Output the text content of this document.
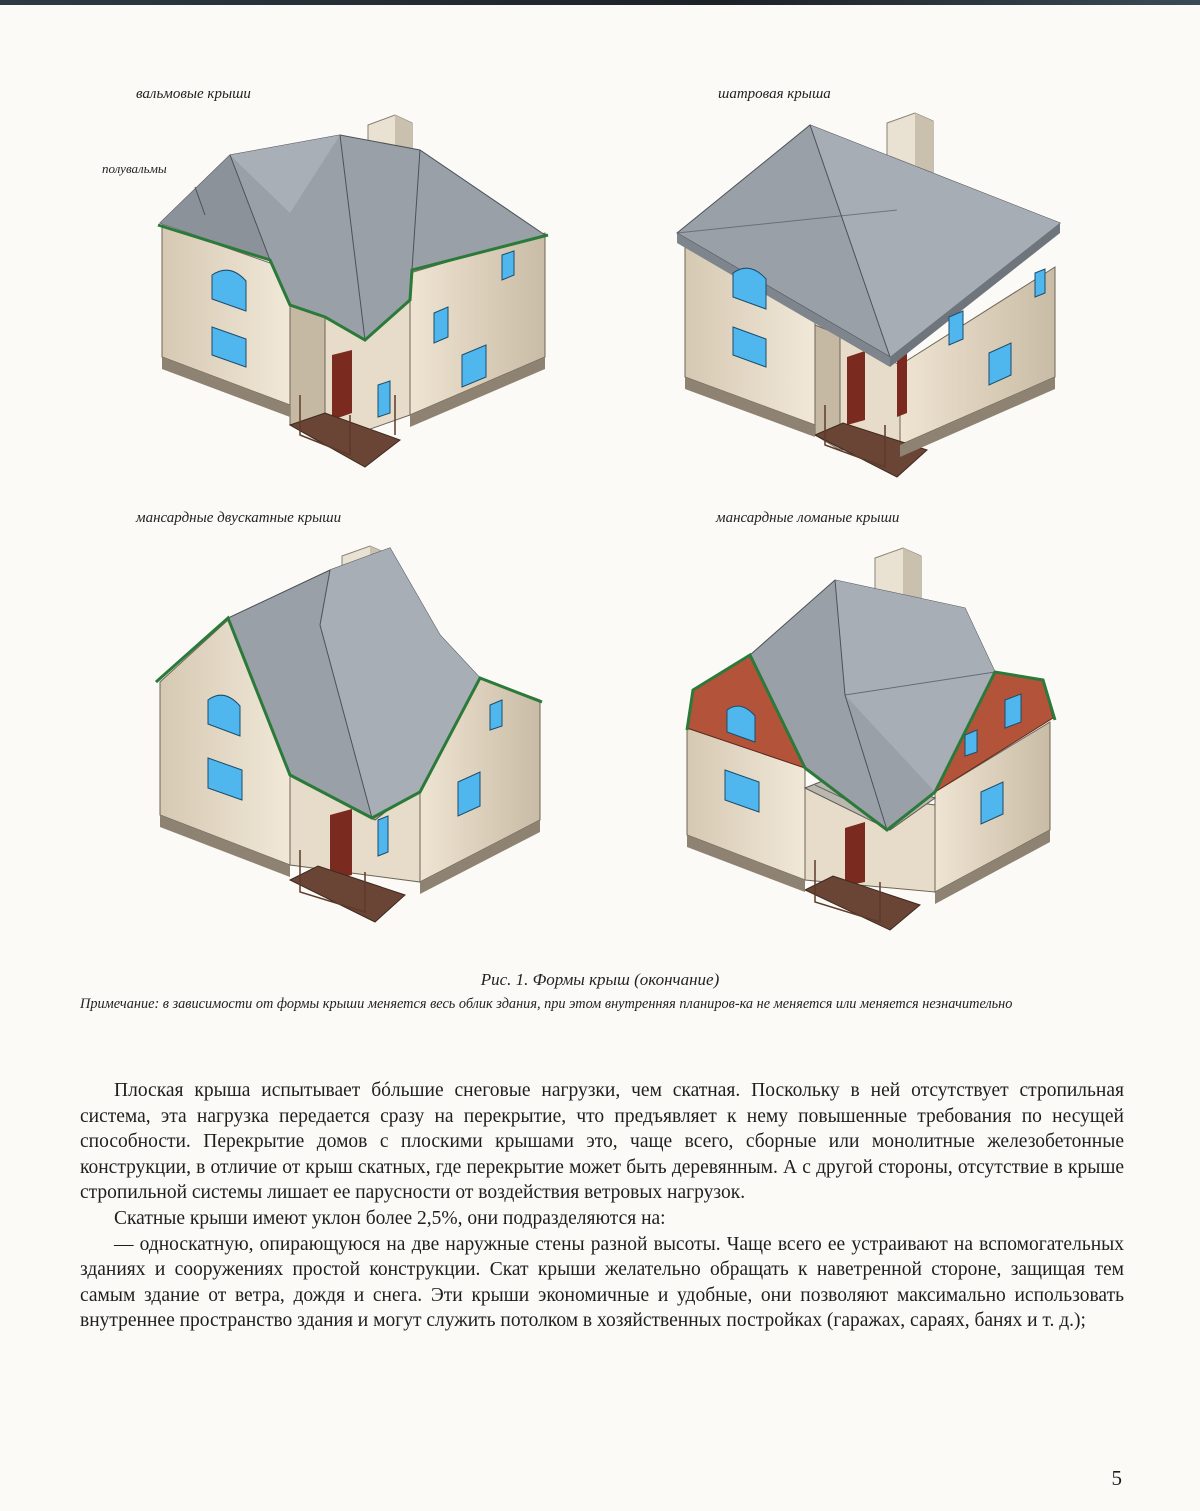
вальмовые крыши
полувальмы
шатровая крыша
мансардные двускатные крыши	мансардные ломаные крыши
Рис. 1. Формы крыш (окончание)
Примечание: в зависимости от формы крыши меняется весь облик здания, при этом внутренняя планиров-ка не меняется или меняется незначительно

Плоская крыша испытывает бóльшие снеговые нагрузки, чем скатная. Поскольку в ней отсутствует стропильная система, эта нагрузка передается сразу на перекрытие, что предъявляет к нему повышенные требования по несущей способности. Перекрытие домов с плоскими крышами это, чаще всего, сборные или монолитные железобетонные конструкции, в отличие от крыш скатных, где перекрытие может быть деревянным. А с другой стороны, отсутствие в крыше стропильной системы лишает ее парусности от воздействия ветровых нагрузок.

Скатные крыши имеют уклон более 2,5%, они подразделяются на:

— односкатную, опирающуюся на две наружные стены разной высоты. Чаще всего ее устраивают на вспомогательных зданиях и сооружениях простой конструкции. Скат крыши желательно обращать к наветренной стороне, защищая тем самым здание от ветра, дождя и снега. Эти крыши экономичные и удобные, они позволяют максимально использовать внутреннее пространство здания и могут служить потолком в хозяйственных постройках (гаражах, сараях, банях и т. д.);

5
